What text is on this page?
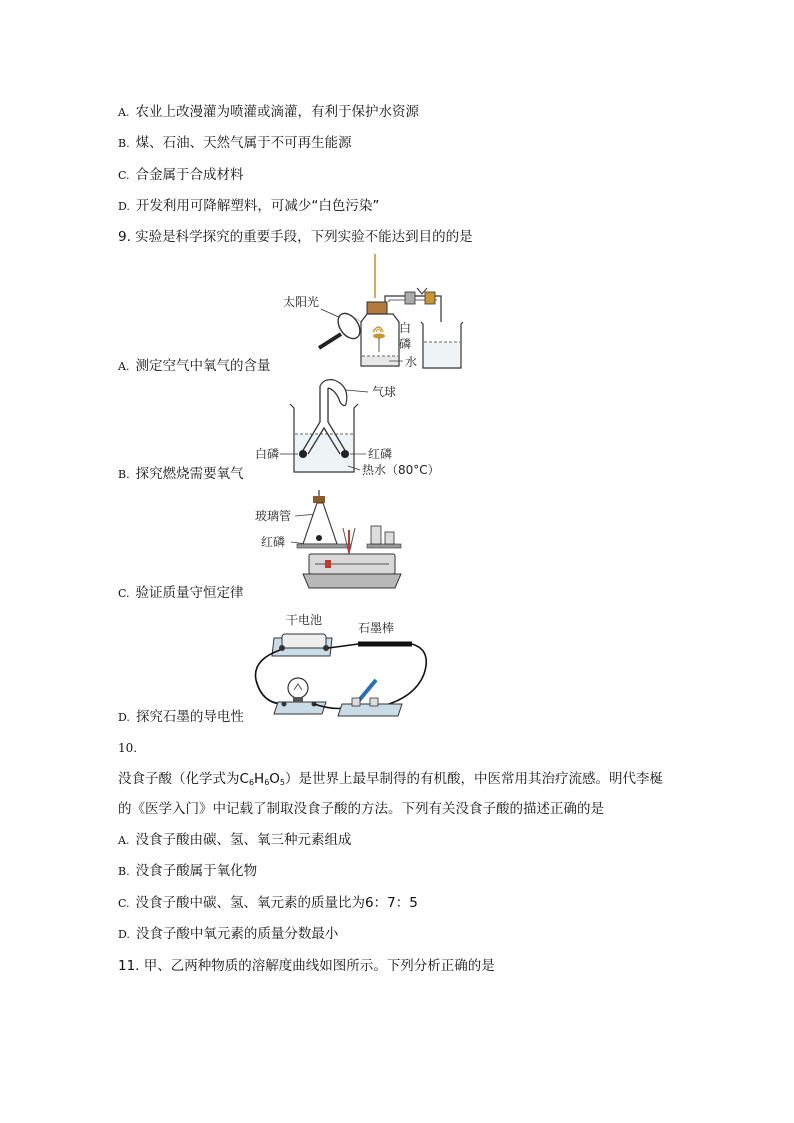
A. 农业上改漫灌为喷灌或滴灌，有利于保护水资源
B. 煤、石油、天然气属于不可再生能源
C. 合金属于合成材料
D. 开发利用可降解塑料，可减少“白色污染”
9. 实验是科学探究的重要手段，下列实验不能达到目的的是
太阳光
白
磷
水
A. 测定空气中氧气的含量
气球
白磷	红磷
热水（80°C）
B. 探究燃烧需要氧气
玻璃管
红磷
C. 验证质量守恒定律
干电池
石墨棒
D. 探究石墨的导电性
10.
没食子酸（化学式为$C_6H_6O_5$）是世界上最早制得的有机酸，中医常用其治疗流感。明代李梴
的《医学入门》中记载了制取没食子酸的方法。下列有关没食子酸的描述正确的是
A. 没食子酸由碳、氢、氧三种元素组成
B. 没食子酸属于氧化物
C. 没食子酸中碳、氢、氧元素的质量比为6：7：5
D. 没食子酸中氧元素的质量分数最小
11. 甲、乙两种物质的溶解度曲线如图所示。下列分析正确的是
